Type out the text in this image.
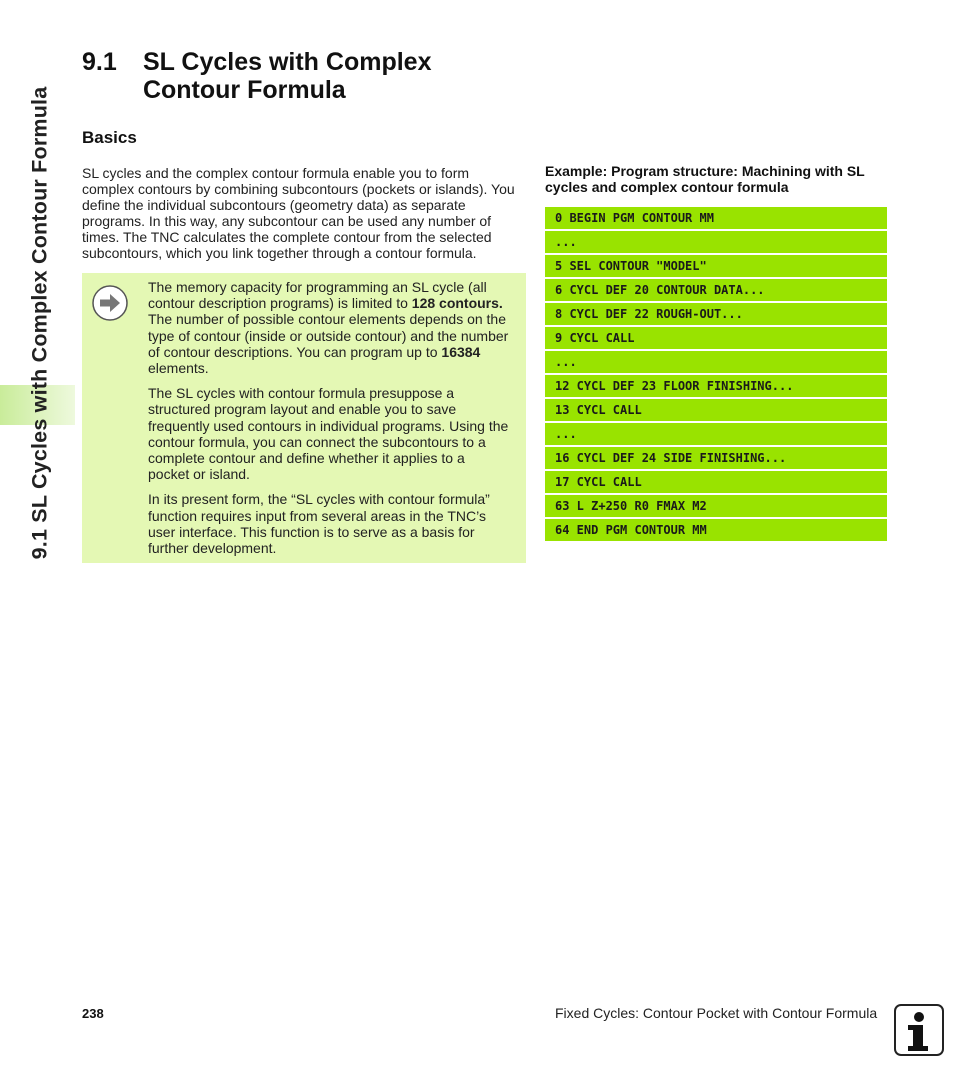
9.1 SL Cycles with Complex Contour Formula
9.1 SL Cycles with Complex
Contour Formula
Basics
SL cycles and the complex contour formula enable you to form
complex contours by combining subcontours (pockets or islands). You
define the individual subcontours (geometry data) as separate
programs. In this way, any subcontour can be used any number of
times. The TNC calculates the complete contour from the selected
subcontours, which you link together through a contour formula.
The memory capacity for programming an SL cycle (all
contour description programs) is limited to 128 contours.
The number of possible contour elements depends on the
type of contour (inside or outside contour) and the number
of contour descriptions. You can program up to 16384
elements.
The SL cycles with contour formula presuppose a
structured program layout and enable you to save
frequently used contours in individual programs. Using the
contour formula, you can connect the subcontours to a
complete contour and define whether it applies to a
pocket or island.
In its present form, the “SL cycles with contour formula”
function requires input from several areas in the TNC’s
user interface. This function is to serve as a basis for
further development.
Example: Program structure: Machining with SL
cycles and complex contour formula
0 BEGIN PGM CONTOUR MM
...
5 SEL CONTOUR "MODEL"
6 CYCL DEF 20 CONTOUR DATA...
8 CYCL DEF 22 ROUGH-OUT...
9 CYCL CALL
...
12 CYCL DEF 23 FLOOR FINISHING...
13 CYCL CALL
...
16 CYCL DEF 24 SIDE FINISHING...
17 CYCL CALL
63 L Z+250 R0 FMAX M2
64 END PGM CONTOUR MM
238	Fixed Cycles: Contour Pocket with Contour Formula
